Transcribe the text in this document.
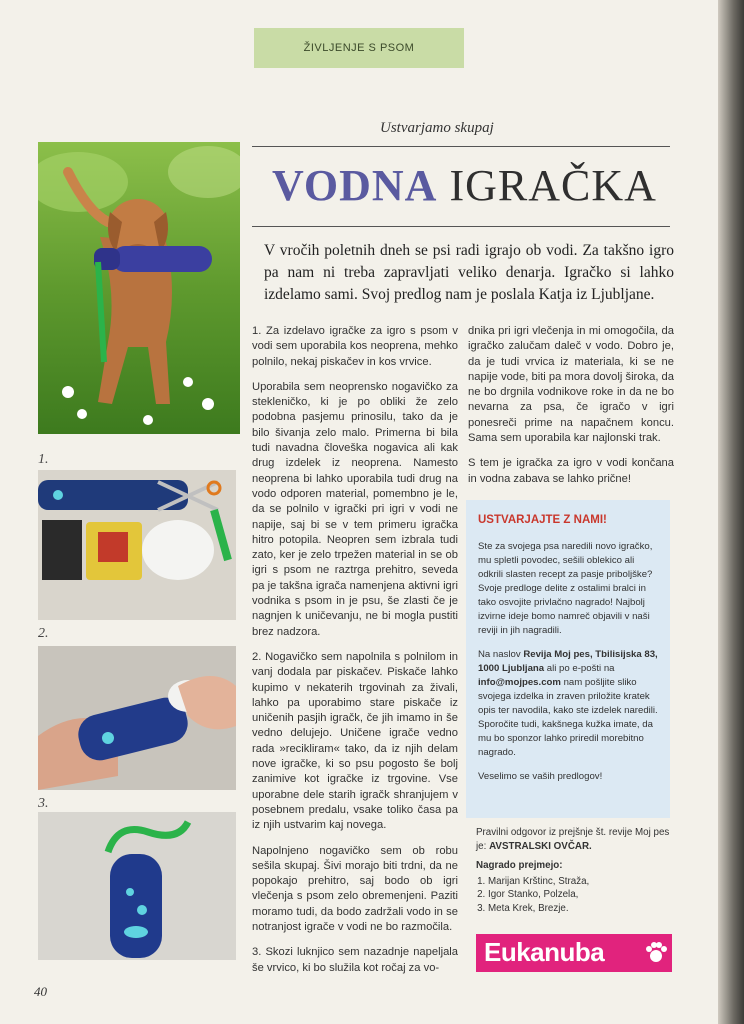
ŽIVLJENJE S PSOM
Ustvarjamo skupaj
VODNA IGRAČKA
V vročih poletnih dneh se psi radi igrajo ob vodi. Za takšno igro pa nam ni treba zapravljati veliko denarja. Igračko si lahko izdelamo sami. Svoj predlog nam je poslala Katja iz Ljubljane.
1.
2.
3.

1. Za izdelavo igračke za igro s psom v vodi sem uporabila kos neoprena, mehko polnilo, nekaj piskačev in kos vrvice.

Uporabila sem neoprensko nogavičko za stekleničko, ki je po obliki že zelo podobna pasjemu prinosilu, tako da je bilo šivanja zelo malo. Primerna bi bila tudi navadna človeška nogavica ali kak drug izdelek iz neoprena. Namesto neoprena bi lahko uporabila tudi drug na vodo odporen material, pomembno je le, da se polnilo v igrački pri igri v vodi ne napije, saj bi se v tem primeru igračka hitro potopila. Neopren sem izbrala tudi zato, ker je zelo trpežen material in se ob igri s psom ne raztrga prehitro, seveda pa je takšna igrača namenjena aktivni igri vodnika s psom in je psu, še zlasti če je nagnjen k uničevanju, ne bi mogla pustiti brez nadzora.

2. Nogavičko sem napolnila s polnilom in vanj dodala par piskačev. Piskače lahko kupimo v nekaterih trgovinah za živali, lahko pa uporabimo stare piskače iz uničenih pasjih igračk, če jih imamo in še vedno delujejo. Uničene igrače vedno rada »recikliram« tako, da iz njih delam nove igračke, ki so psu pogosto še bolj zanimive kot igračke iz trgovine. Vse uporabne dele starih igračk shranjujem v posebnem predalu, vsake toliko časa pa iz njih ustvarim kaj novega.

Napolnjeno nogavičko sem ob robu sešila skupaj. Šivi morajo biti trdni, da ne popokajo prehitro, saj bodo ob igri vlečenja s psom zelo obremenjeni. Paziti moramo tudi, da bodo zadržali vodo in se notranjost igrače v vodi ne bo razmočila.

3. Skozi luknjico sem nazadnje napeljala še vrvico, ki bo služila kot ročaj za vo-

dnika pri igri vlečenja in mi omogočila, da igračko zalučam daleč v vodo. Dobro je, da je tudi vrvica iz materiala, ki se ne napije vode, biti pa mora dovolj široka, da ne bo drgnila vodnikove roke in da ne bo nevarna za psa, če igračo v igri ponesreči prime na napačnem koncu. Sama sem uporabila kar najlonski trak.

S tem je igračka za igro v vodi končana in vodna zabava se lahko prične!

USTVARJAJTE Z NAMI!

Ste za svojega psa naredili novo igračko, mu spletli povodec, sešili oblekico ali odkrili slasten recept za pasje priboljške? Svoje predloge delite z ostalimi bralci in tako osvojite privlačno nagrado! Najbolj izvirne ideje bomo namreč objavili v naši reviji in jih nagradili.

Na naslov Revija Moj pes, Tbilisijska 83, 1000 Ljubljana ali po e-pošti na info@mojpes.com nam pošljite sliko svojega izdelka in zraven priložite kratek opis ter navodila, kako ste izdelek naredili. Sporočite tudi, kakšnega kužka imate, da mu bo sponzor lahko priredil morebitno nagrado.

Veselimo se vaših predlogov!

Pravilni odgovor iz prejšnje št. revije Moj pes je: AVSTRALSKI OVČAR.

Nagrado prejmejo:

1. Marijan Krštinc, Straža,
2. Igor Stanko, Polzela,
3. Meta Krek, Brezje.
Eukanuba
40
